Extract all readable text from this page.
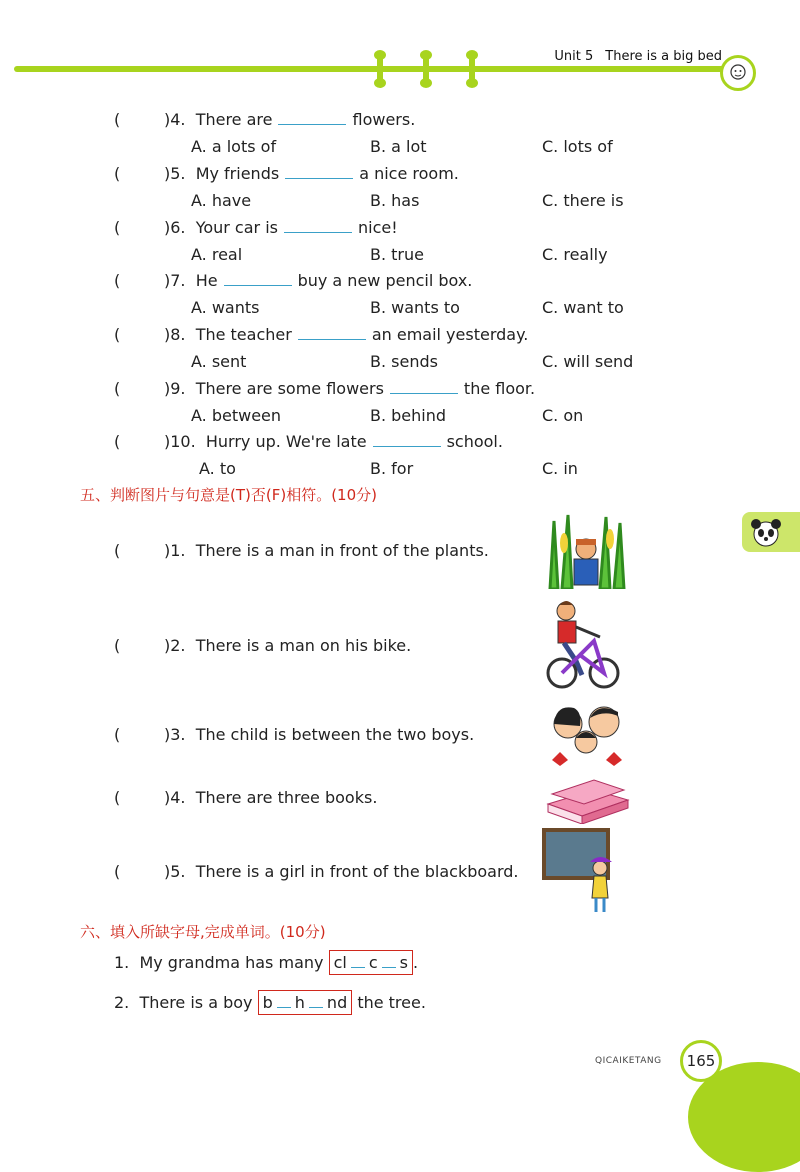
Unit 5 There is a big bed
(	)4. There are	flowers.
A. a lots of	B. a lot	C. lots of
(	)5. My friends	a nice room.
A. have	B. has	C. there is
(	)6. Your car is	nice!
A. real	B. true	C. really
(	)7. He	buy a new pencil box.
A. wants	B. wants to	C. want to
(	)8. The teacher	an email yesterday.
A. sent	B. sends	C. will send
(	)9. There are some flowers	the floor.
A. between	B. behind	C. on
(	)10. Hurry up. We're late	school.
A. to	B. for	C. in
五、判断图片与句意是(T)否(F)相符。(10分)
(	)1. There is a man in front of the plants.
(	)2. There is a man on his bike.
(	)3. The child is between the two boys.
(	)4. There are three books.
(	)5. There is a girl in front of the blackboard.
六、填入所缺字母,完成单词。(10分)
1. My grandma has many cl c s .
2. There is a boy b h nd the tree.
QICAIKETANG	165
